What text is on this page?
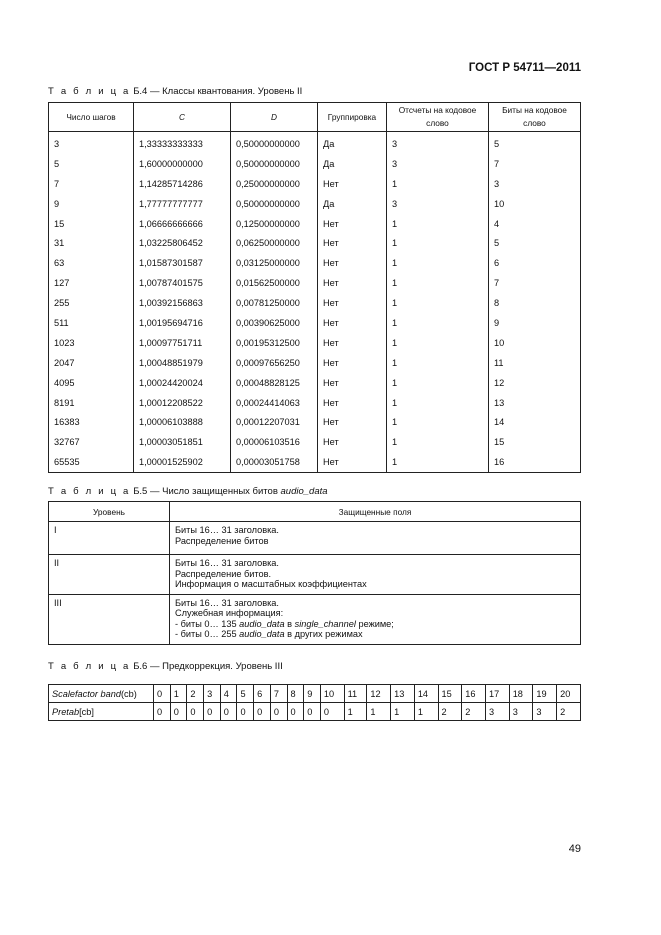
ГОСТ Р 54711—2011
Т а б л и ц а Б.4 — Классы квантования. Уровень II
Число шагов	C	D	Группировка	Отсчеты на кодовое слово	Биты на кодовое слово
3	1,33333333333	0,50000000000	Да	3	5
5	1,60000000000	0,50000000000	Да	3	7
7	1,14285714286	0,25000000000	Нет	1	3
9	1,77777777777	0,50000000000	Да	3	10
15	1,06666666666	0,12500000000	Нет	1	4
31	1,03225806452	0,06250000000	Нет	1	5
63	1,01587301587	0,03125000000	Нет	1	6
127	1,00787401575	0,01562500000	Нет	1	7
255	1,00392156863	0,00781250000	Нет	1	8
511	1,00195694716	0,00390625000	Нет	1	9
1023	1,00097751711	0,00195312500	Нет	1	10
2047	1,00048851979	0,00097656250	Нет	1	11
4095	1,00024420024	0,00048828125	Нет	1	12
8191	1,00012208522	0,00024414063	Нет	1	13
16383	1,00006103888	0,00012207031	Нет	1	14
32767	1,00003051851	0,00006103516	Нет	1	15
65535	1,00001525902	0,00003051758	Нет	1	16
Т а б л и ц а Б.5 — Число защищенных битов audio_data
Уровень	Защищенные поля
I	Биты 16… 31 заголовка.
Распределение битов

II	Биты 16… 31 заголовка.
Распределение битов.
Информация о масштабных коэффициентах

III	Биты 16… 31 заголовка.
Служебная информация:
- биты 0… 135 audio_data в single_channel режиме;
- биты 0… 255 audio_data в других режимах
Т а б л и ц а Б.6 — Предкоррекция. Уровень III
Scalefactor band(cb)	0	1	2	3	4	5	6	7	8	9	10	11	12	13	14	15	16	17	18	19	20
Pretab[cb]	0	0	0	0	0	0	0	0	0	0	0	1	1	1	1	2	2	3	3	3	2
49
